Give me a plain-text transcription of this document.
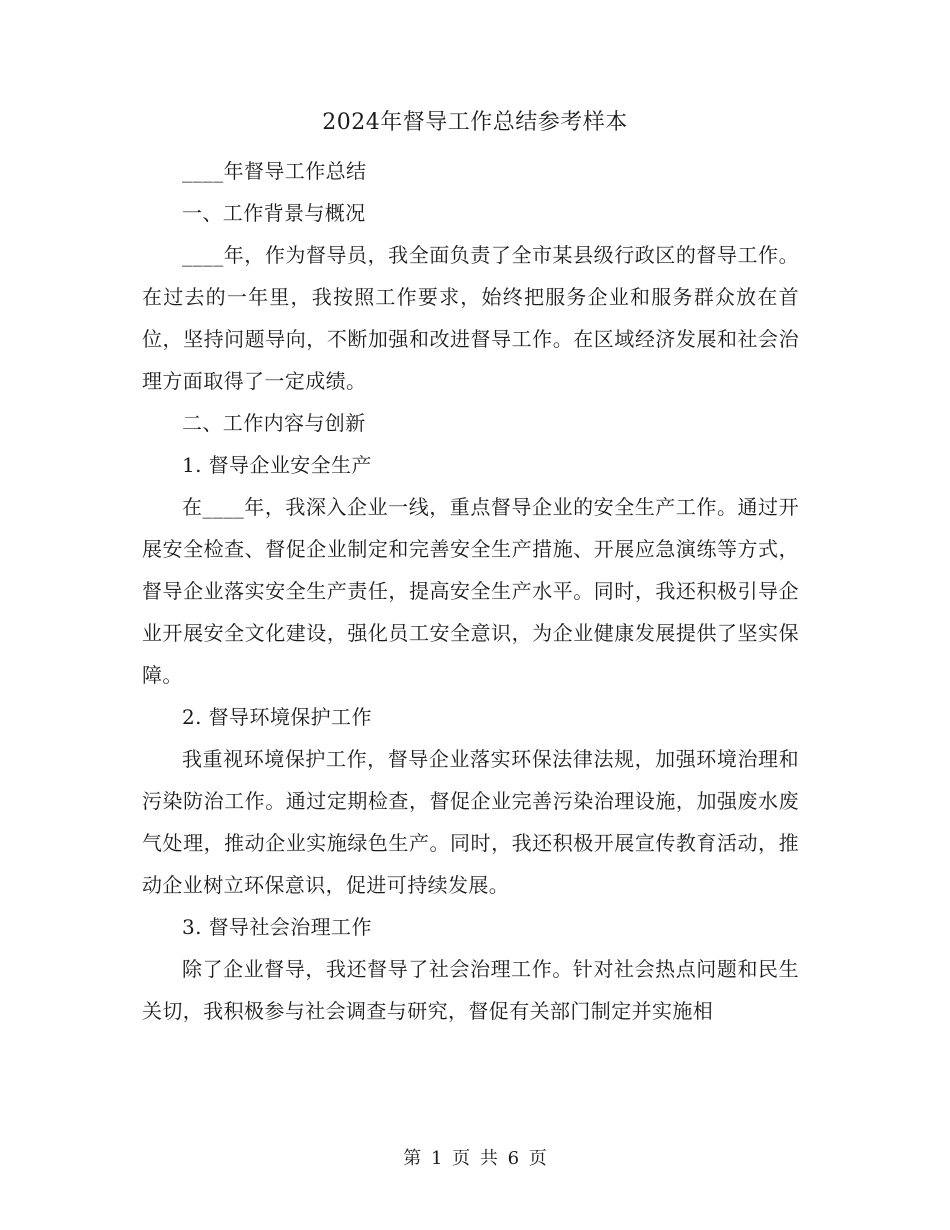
2024年督导工作总结参考样本

____年督导工作总结

一、工作背景与概况

____年，作为督导员，我全面负责了全市某县级行政区的督导工作。在过去的一年里，我按照工作要求，始终把服务企业和服务群众放在首位，坚持问题导向，不断加强和改进督导工作。在区域经济发展和社会治理方面取得了一定成绩。

二、工作内容与创新

1. 督导企业安全生产

在____年，我深入企业一线，重点督导企业的安全生产工作。通过开展安全检查、督促企业制定和完善安全生产措施、开展应急演练等方式，督导企业落实安全生产责任，提高安全生产水平。同时，我还积极引导企业开展安全文化建设，强化员工安全意识，为企业健康发展提供了坚实保障。

2. 督导环境保护工作

我重视环境保护工作，督导企业落实环保法律法规，加强环境治理和污染防治工作。通过定期检查，督促企业完善污染治理设施，加强废水废气处理，推动企业实施绿色生产。同时，我还积极开展宣传教育活动，推动企业树立环保意识，促进可持续发展。

3. 督导社会治理工作

除了企业督导，我还督导了社会治理工作。针对社会热点问题和民生关切，我积极参与社会调查与研究，督促有关部门制定并实施相

第 1 页 共 6 页
